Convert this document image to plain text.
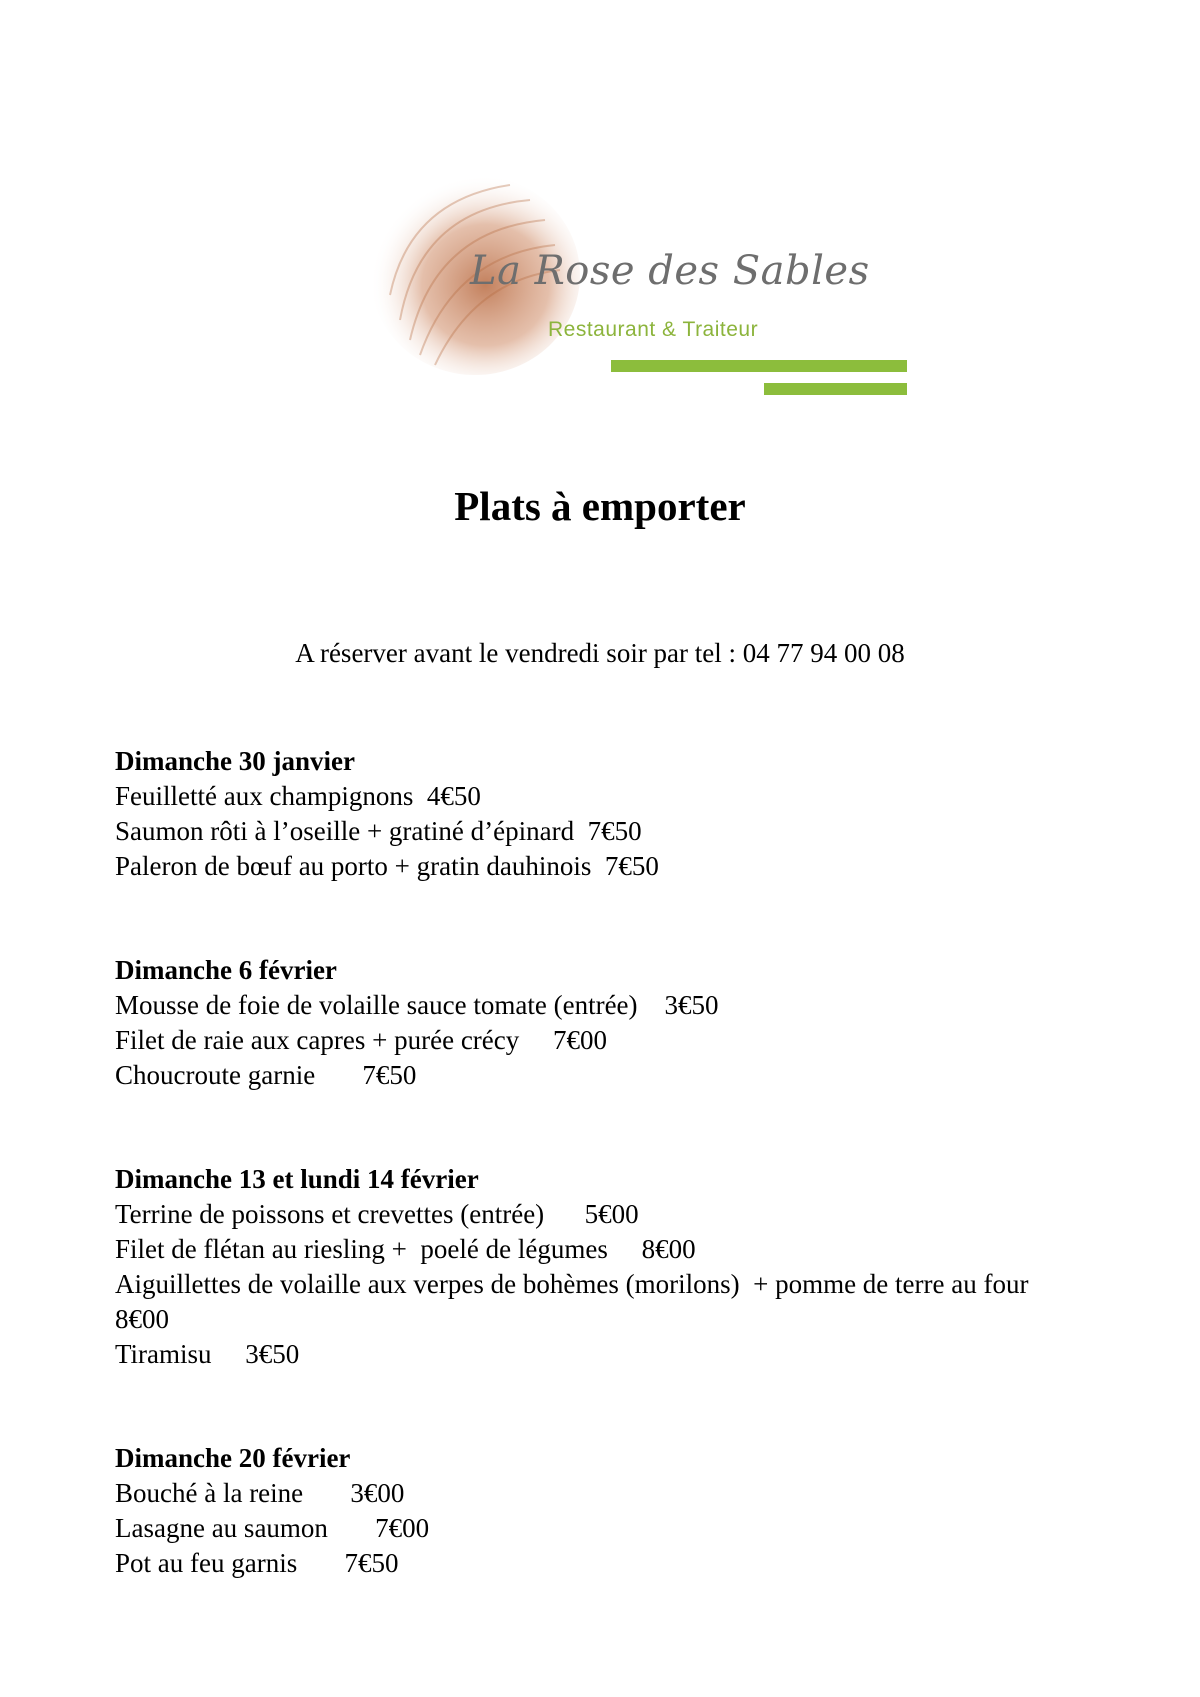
La Rose des Sables
Restaurant & Traiteur
Plats à emporter
A réserver avant le vendredi soir par tel : 04 77 94 00 08

Dimanche 30 janvier

Feuilletté aux champignons  4€50
Saumon rôti à l’oseille + gratiné d’épinard  7€50
Paleron de bœuf au porto + gratin dauhinois  7€50

Dimanche 6 février

Mousse de foie de volaille sauce tomate (entrée)    3€50
Filet de raie aux capres + purée crécy     7€00
Choucroute garnie       7€50

Dimanche 13 et lundi 14 février

Terrine de poissons et crevettes (entrée)      5€00
Filet de flétan au riesling +  poelé de légumes     8€00
Aiguillettes de volaille aux verpes de bohèmes (morilons)  + pomme de terre au four      8€00
Tiramisu     3€50

Dimanche 20 février

Bouché à la reine       3€00
Lasagne au saumon       7€00
Pot au feu garnis       7€50
